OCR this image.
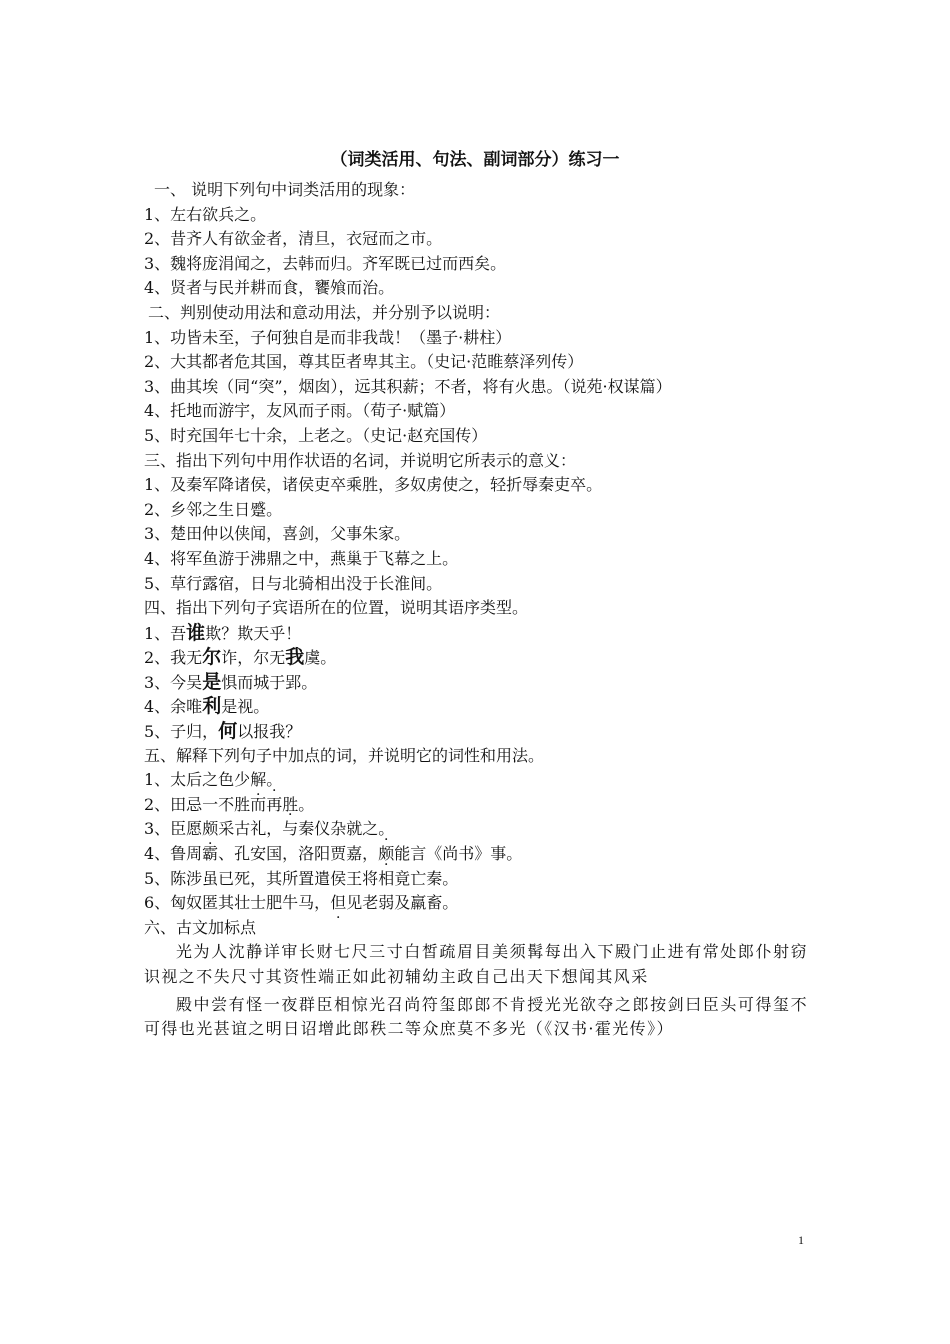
（词类活用、句法、副词部分）练习一
一、 说明下列句中词类活用的现象：
1、左右欲兵之。
2、昔齐人有欲金者，清旦，衣冠而之市。
3、魏将庞涓闻之，去韩而归。齐军既已过而西矣。
4、贤者与民并耕而食，饔飧而治。
二、判别使动用法和意动用法，并分别予以说明：
1、功皆未至，子何独自是而非我哉！（墨子·耕柱）
2、大其都者危其国，尊其臣者卑其主。（史记·范睢蔡泽列传）
3、曲其埃（同“突”，烟囱），远其积薪；不者，将有火患。（说苑·权谋篇）
4、托地而游宇，友风而子雨。（荀子·赋篇）
5、时充国年七十余，上老之。（史记·赵充国传）
三、指出下列句中用作状语的名词，并说明它所表示的意义：
1、及秦军降诸侯，诸侯吏卒乘胜，多奴虏使之，轻折辱秦吏卒。
2、乡邻之生日蹙。
3、楚田仲以侠闻，喜剑，父事朱家。
4、将军鱼游于沸鼎之中，燕巢于飞幕之上。
5、草行露宿，日与北骑相出没于长淮间。
四、指出下列句子宾语所在的位置，说明其语序类型。
1、吾谁欺？欺天乎！
2、我无尔诈，尔无我虞。
3、今吴是惧而城于郢。
4、余唯利是视。
5、子归，何以报我？
五、解释下列句子中加点的词，并说明它的词性和用法。
1、太后之色少解。
2、田忌一不胜而再胜。
3、臣愿颇采古礼，与秦仪杂就之。
4、鲁周霸、孔安国，洛阳贾嘉，颇能言《尚书》事。
5、陈涉虽已死，其所置遣侯王将相竟亡秦。
6、匈奴匿其壮士肥牛马，但见老弱及羸畜。
六、古文加标点
光为人沈静详审长财七尺三寸白皙疏眉目美须髯每出入下殿门止进有常处郎仆射窃识视之不失尺寸其资性端正如此初辅幼主政自己出天下想闻其风采
殿中尝有怪一夜群臣相惊光召尚符玺郎郎不肯授光光欲夺之郎按剑曰臣头可得玺不可得也光甚谊之明日诏增此郎秩二等众庶莫不多光（《汉书·霍光传》）
1
